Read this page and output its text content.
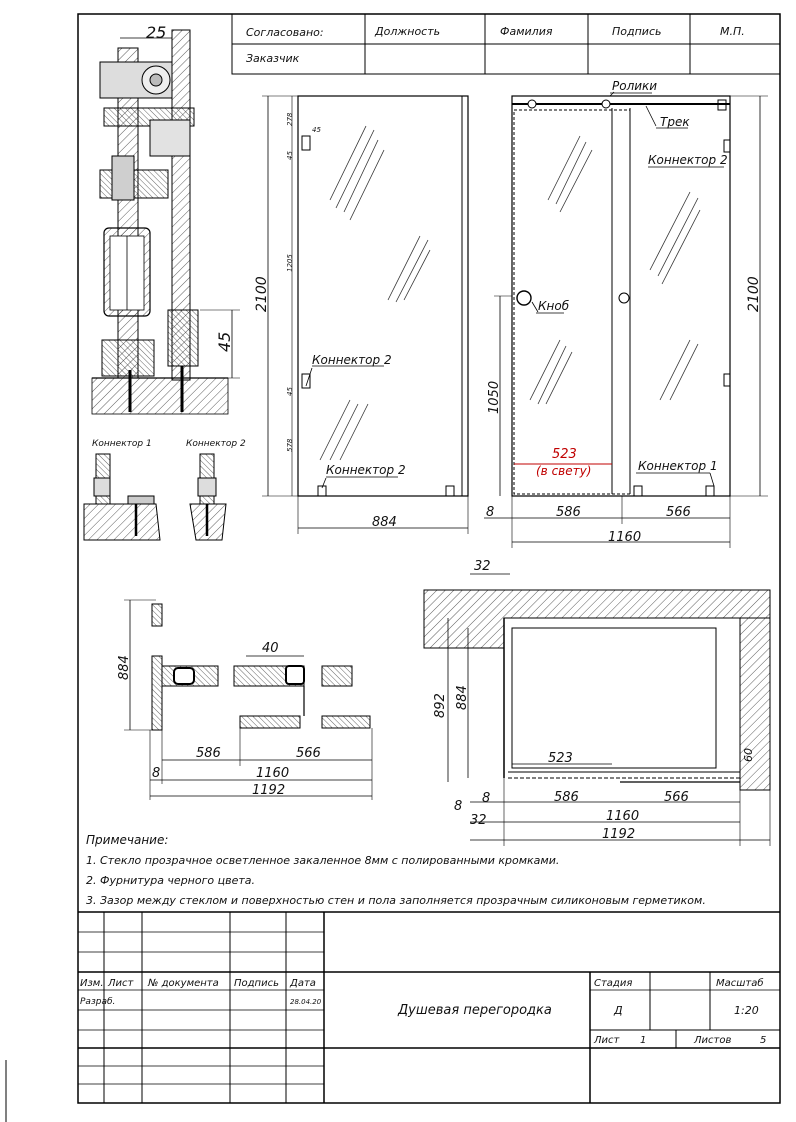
Согласовано:
Заказчик
Должность	Фамилия	Подпись	М.П.
25
45
Коннектор 1	Коннектор 2
2100
278
45
45
1205
45
578
884
Коннектор 2
Коннектор 2
Ролики
Трек
Коннектор 2
Кноб
Коннектор 1
1050
2100
523
(в свету)
8	586	566
1160
40
884
586	566
8	1160
1192
32
892 884
523	60
8
8	586	566
32	1160
1192
Примечание:
1. Стекло прозрачное осветленное закаленное 8мм с полированными кромками.
2. Фурнитура черного цвета.
3. Зазор между стеклом и поверхностью стен и пола заполняется прозрачным силиконовым герметиком.
Изм. Лист № документа Подпись Дата
Разраб.	28.04.20
Душевая перегородка
Стадия	Масштаб
Д	1:20
Лист 1	Листов	5
